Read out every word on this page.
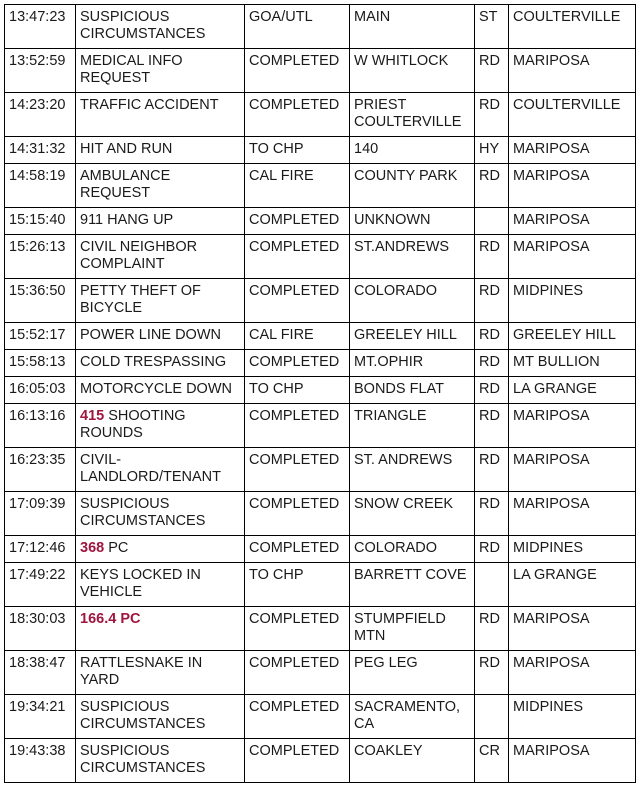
13:47:23	SUSPICIOUS CIRCUMSTANCES	GOA/UTL	MAIN	ST	COULTERVILLE
13:52:59	MEDICAL INFO REQUEST	COMPLETED	W WHITLOCK	RD	MARIPOSA
14:23:20	TRAFFIC ACCIDENT	COMPLETED	PRIEST COULTERVILLE	RD	COULTERVILLE
14:31:32	HIT AND RUN	TO CHP	140	HY	MARIPOSA
14:58:19	AMBULANCE REQUEST	CAL FIRE	COUNTY PARK	RD	MARIPOSA
15:15:40	911 HANG UP	COMPLETED	UNKNOWN		MARIPOSA
15:26:13	CIVIL NEIGHBOR COMPLAINT	COMPLETED	ST.ANDREWS	RD	MARIPOSA
15:36:50	PETTY THEFT OF BICYCLE	COMPLETED	COLORADO	RD	MIDPINES
15:52:17	POWER LINE DOWN	CAL FIRE	GREELEY HILL	RD	GREELEY HILL
15:58:13	COLD TRESPASSING	COMPLETED	MT.OPHIR	RD	MT BULLION
16:05:03	MOTORCYCLE DOWN	TO CHP	BONDS FLAT	RD	LA GRANGE
16:13:16	415 SHOOTING ROUNDS	COMPLETED	TRIANGLE	RD	MARIPOSA
16:23:35	CIVIL-LANDLORD/TENANT	COMPLETED	ST. ANDREWS	RD	MARIPOSA
17:09:39	SUSPICIOUS CIRCUMSTANCES	COMPLETED	SNOW CREEK	RD	MARIPOSA
17:12:46	368 PC	COMPLETED	COLORADO	RD	MIDPINES
17:49:22	KEYS LOCKED IN VEHICLE	TO CHP	BARRETT COVE		LA GRANGE
18:30:03	166.4 PC	COMPLETED	STUMPFIELD MTN	RD	MARIPOSA
18:38:47	RATTLESNAKE IN YARD	COMPLETED	PEG LEG	RD	MARIPOSA
19:34:21	SUSPICIOUS CIRCUMSTANCES	COMPLETED	SACRAMENTO, CA		MIDPINES
19:43:38	SUSPICIOUS CIRCUMSTANCES	COMPLETED	COAKLEY	CR	MARIPOSA
